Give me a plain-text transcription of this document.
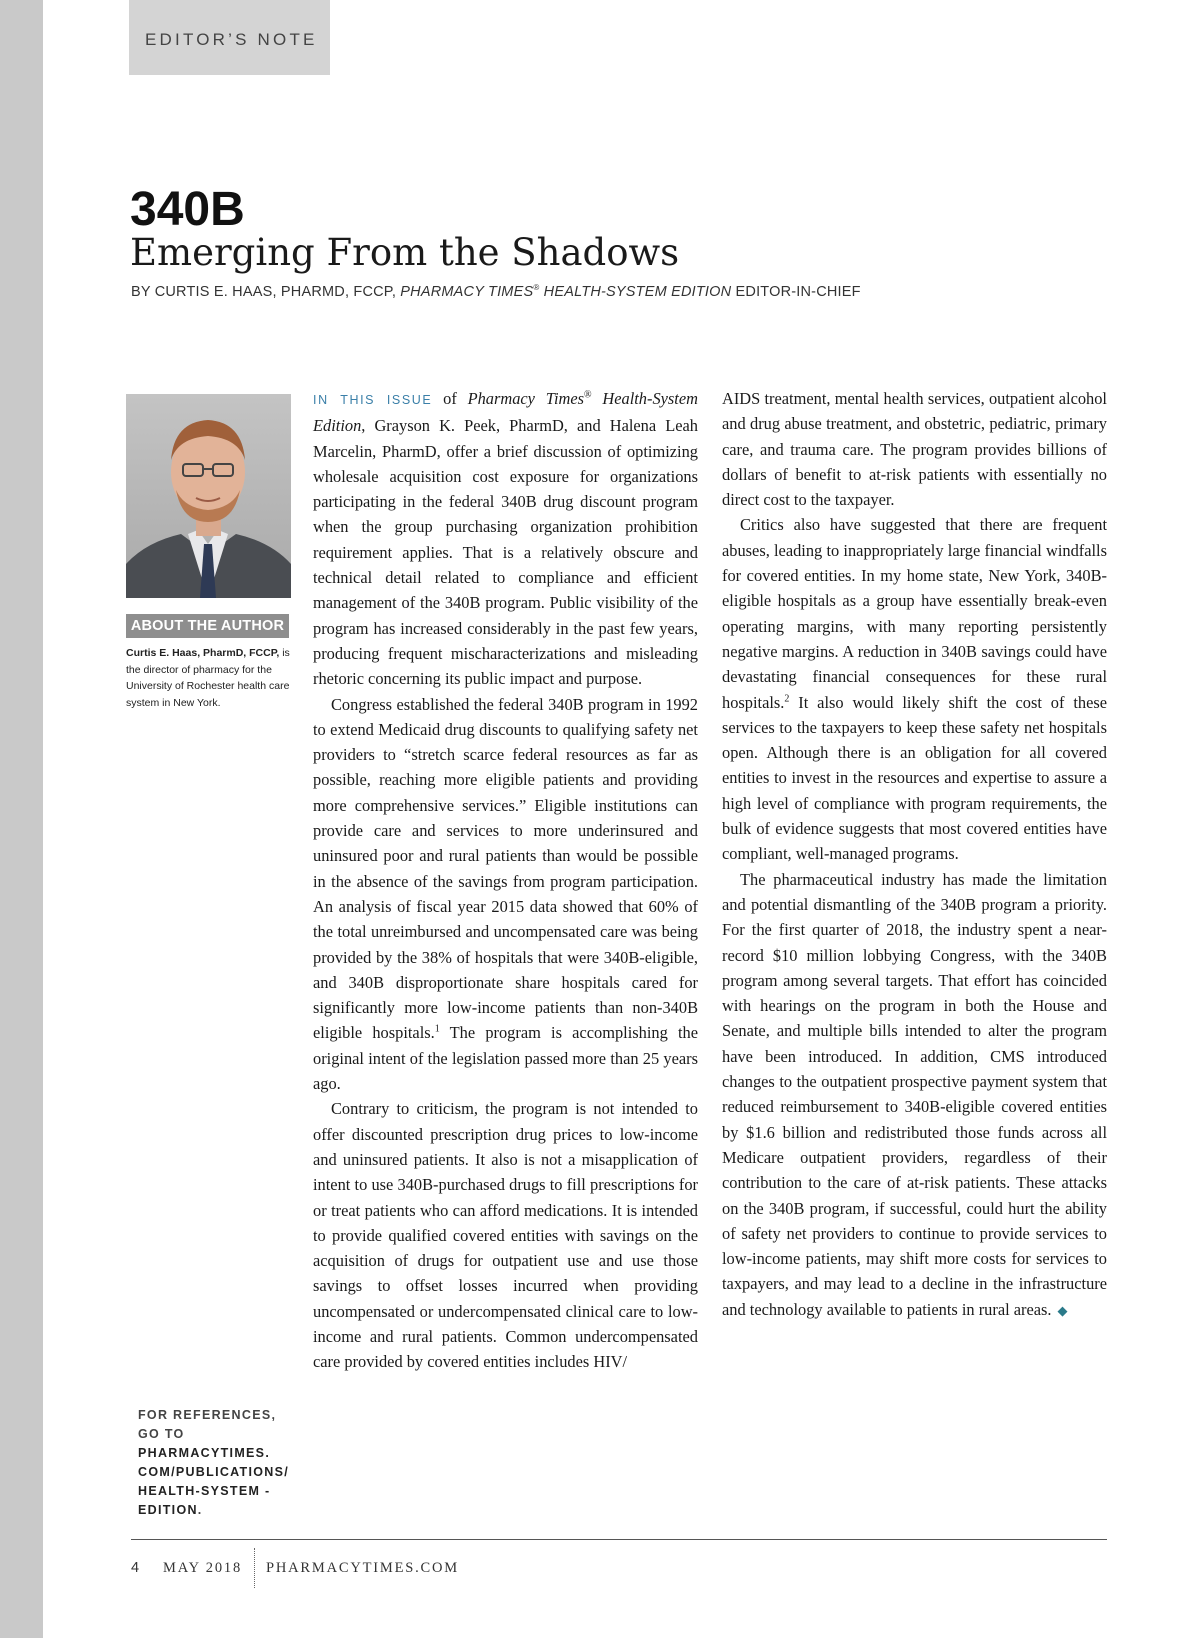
EDITOR’S NOTE
340B
Emerging From the Shadows
BY CURTIS E. HAAS, PHARMD, FCCP, PHARMACY TIMES® HEALTH-SYSTEM EDITION EDITOR-IN-CHIEF
ABOUT THE AUTHOR
Curtis E. Haas, PharmD, FCCP, is the director of pharmacy for the University of Rochester health care system in New York.
FOR REFERENCES, GO TO PHARMACYTIMES. COM/PUBLICATIONS/ HEALTH-SYSTEM -EDITION.

IN THIS ISSUE of Pharmacy Times® Health-System Edition, Grayson K. Peek, PharmD, and Halena Leah Marcelin, PharmD, offer a brief discussion of optimizing wholesale acquisition cost exposure for organizations participating in the federal 340B drug discount program when the group purchasing organization prohibition requirement applies. That is a relatively obscure and technical detail related to compliance and efficient management of the 340B program. Public visibility of the program has increased considerably in the past few years, producing frequent mischaracterizations and misleading rhetoric concerning its public impact and purpose.

Congress established the federal 340B program in 1992 to extend Medicaid drug discounts to qualifying safety net providers to “stretch scarce federal resources as far as possible, reaching more eligible patients and providing more comprehensive services.” Eligible institutions can provide care and services to more underinsured and uninsured poor and rural patients than would be possible in the absence of the savings from program participation. An analysis of fiscal year 2015 data showed that 60% of the total unreimbursed and uncompensated care was being provided by the 38% of hospitals that were 340B-eligible, and 340B disproportionate share hospitals cared for significantly more low-income patients than non-340B eligible hospitals.$^1$ The program is accomplishing the original intent of the legislation passed more than 25 years ago.

Contrary to criticism, the program is not intended to offer discounted prescription drug prices to low-income and uninsured patients. It also is not a misapplication of intent to use 340B-purchased drugs to fill prescriptions for or treat patients who can afford medications. It is intended to provide qualified covered entities with savings on the acquisition of drugs for outpatient use and use those savings to offset losses incurred when providing uncompensated or undercompensated clinical care to low-income and rural patients. Common undercompensated care provided by covered entities includes HIV/

AIDS treatment, mental health services, outpatient alcohol and drug abuse treatment, and obstetric, pediatric, primary care, and trauma care. The program provides billions of dollars of benefit to at-risk patients with essentially no direct cost to the taxpayer.

Critics also have suggested that there are frequent abuses, leading to inappropriately large financial windfalls for covered entities. In my home state, New York, 340B-eligible hospitals as a group have essentially break-even operating margins, with many reporting persistently negative margins. A reduction in 340B savings could have devastating financial consequences for these rural hospitals.$^2$ It also would likely shift the cost of these services to the taxpayers to keep these safety net hospitals open. Although there is an obligation for all covered entities to invest in the resources and expertise to assure a high level of compliance with program requirements, the bulk of evidence suggests that most covered entities have compliant, well-managed programs.

The pharmaceutical industry has made the limitation and potential dismantling of the 340B program a priority. For the first quarter of 2018, the industry spent a near-record $10 million lobbying Congress, with the 340B program among several targets. That effort has coincided with hearings on the program in both the House and Senate, and multiple bills intended to alter the program have been introduced. In addition, CMS introduced changes to the outpatient prospective payment system that reduced reimbursement to 340B-eligible covered entities by $1.6 billion and redistributed those funds across all Medicare outpatient providers, regardless of their contribution to the care of at-risk patients. These attacks on the 340B program, if successful, could hurt the ability of safety net providers to continue to provide services to low-income patients, may shift more costs for services to taxpayers, and may lead to a decline in the infrastructure and technology available to patients in rural areas. ◆

4 MAY 2018 PHARMACYTIMES.COM
